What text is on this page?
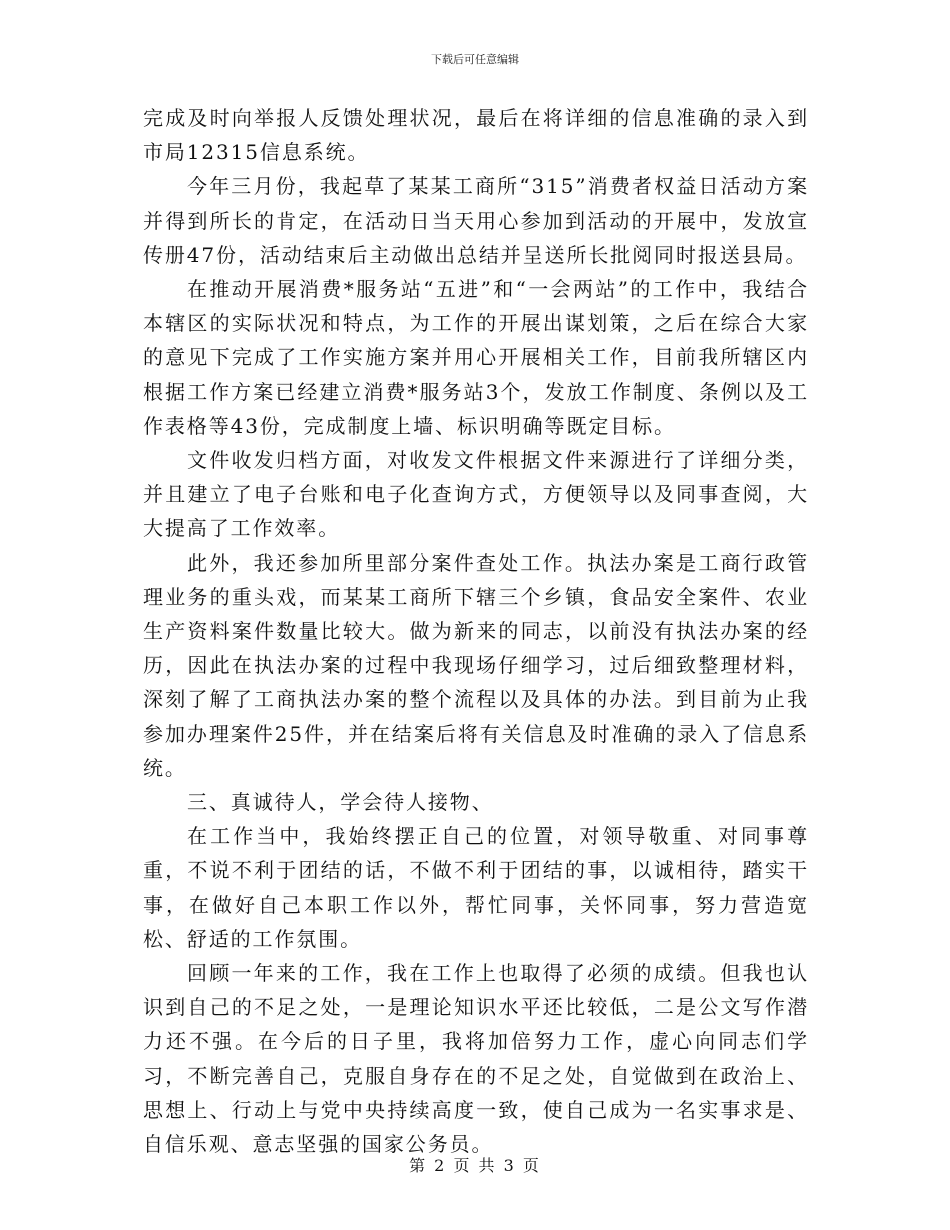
下载后可任意编辑

完成及时向举报人反馈处理状况，最后在将详细的信息准确的录入到市局12315信息系统。

今年三月份，我起草了某某工商所“315”消费者权益日活动方案并得到所长的肯定，在活动日当天用心参加到活动的开展中，发放宣传册47份，活动结束后主动做出总结并呈送所长批阅同时报送县局。

在推动开展消费*服务站“五进”和“一会两站”的工作中，我结合本辖区的实际状况和特点，为工作的开展出谋划策，之后在综合大家的意见下完成了工作实施方案并用心开展相关工作，目前我所辖区内根据工作方案已经建立消费*服务站3个，发放工作制度、条例以及工作表格等43份，完成制度上墙、标识明确等既定目标。

文件收发归档方面，对收发文件根据文件来源进行了详细分类，并且建立了电子台账和电子化查询方式，方便领导以及同事查阅，大大提高了工作效率。

此外，我还参加所里部分案件查处工作。执法办案是工商行政管理业务的重头戏，而某某工商所下辖三个乡镇，食品安全案件、农业生产资料案件数量比较大。做为新来的同志，以前没有执法办案的经历，因此在执法办案的过程中我现场仔细学习，过后细致整理材料，深刻了解了工商执法办案的整个流程以及具体的办法。到目前为止我参加办理案件25件，并在结案后将有关信息及时准确的录入了信息系统。

三、真诚待人，学会待人接物、

在工作当中，我始终摆正自己的位置，对领导敬重、对同事尊重，不说不利于团结的话，不做不利于团结的事，以诚相待，踏实干事，在做好自己本职工作以外，帮忙同事，关怀同事，努力营造宽松、舒适的工作氛围。

回顾一年来的工作，我在工作上也取得了必须的成绩。但我也认识到自己的不足之处，一是理论知识水平还比较低，二是公文写作潜力还不强。在今后的日子里，我将加倍努力工作，虚心向同志们学习，不断完善自己，克服自身存在的不足之处，自觉做到在政治上、思想上、行动上与党中央持续高度一致，使自己成为一名实事求是、自信乐观、意志坚强的国家公务员。

第 2 页 共 3 页
